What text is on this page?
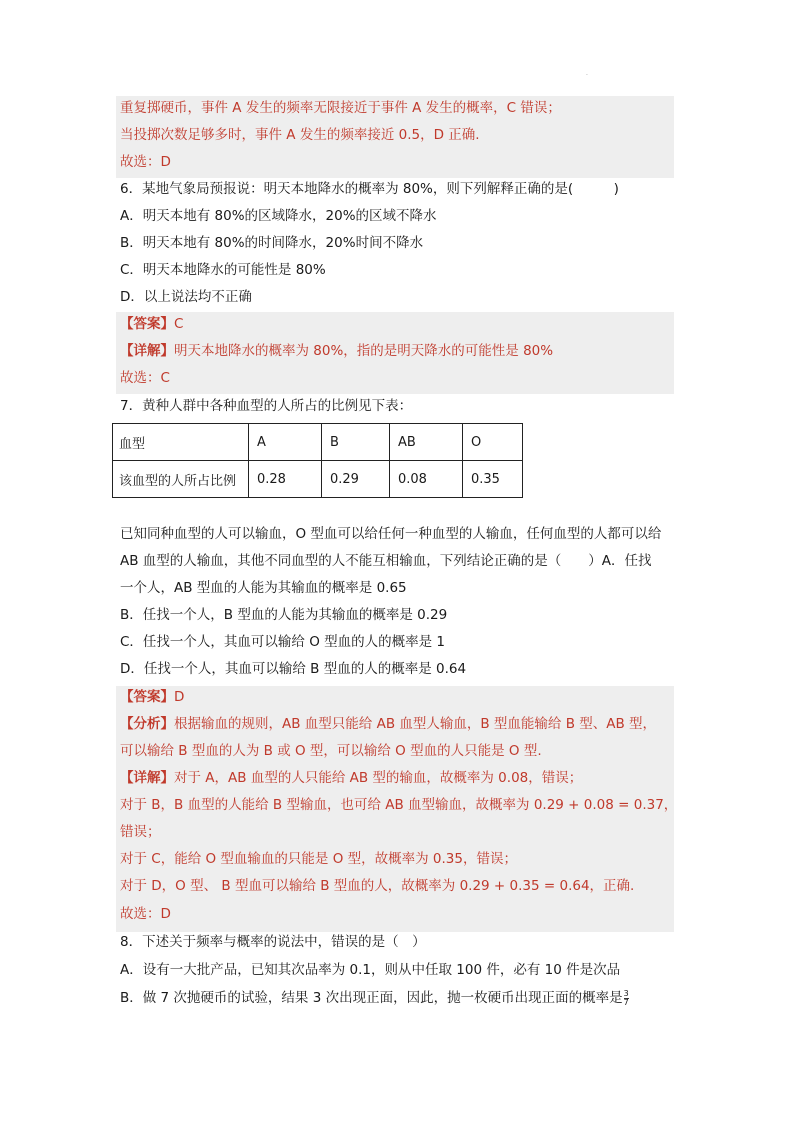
.
重复掷硬币，事件 A 发生的频率无限接近于事件 A 发生的概率，C 错误；
当投掷次数足够多时，事件 A 发生的频率接近 0.5，D 正确.
故选：D
6．某地气象局预报说：明天本地降水的概率为 80%，则下列解释正确的是(　　　)
A．明天本地有 80%的区域降水，20%的区域不降水
B．明天本地有 80%的时间降水，20%时间不降水
C．明天本地降水的可能性是 80%
D．以上说法均不正确
【答案】C
【详解】明天本地降水的概率为 80%，指的是明天降水的可能性是 80%
故选：C
7．黄种人群中各种血型的人所占的比例见下表：
血型	A	B	AB	O
该血型的人所占比例	0.28	0.29	0.08	0.35
已知同种血型的人可以输血，O 型血可以给任何一种血型的人输血，任何血型的人都可以给
AB 血型的人输血，其他不同血型的人不能互相输血，下列结论正确的是（　　）A．任找
一个人，AB 型血的人能为其输血的概率是 0.65
B．任找一个人，B 型血的人能为其输血的概率是 0.29
C．任找一个人，其血可以输给 O 型血的人的概率是 1
D．任找一个人，其血可以输给 B 型血的人的概率是 0.64
【答案】D
【分析】根据输血的规则，AB 血型只能给 AB 血型人输血，B 型血能输给 B 型、AB 型，
可以输给 B 型血的人为 B 或 O 型，可以输给 O 型血的人只能是 O 型.
【详解】对于 A，AB 血型的人只能给 AB 型的输血，故概率为 0.08，错误；
对于 B，B 血型的人能给 B 型输血，也可给 AB 血型输血，故概率为 0.29 + 0.08 = 0.37，
错误；
对于 C，能给 O 型血输血的只能是 O 型，故概率为 0.35，错误；
对于 D，O 型、 B 型血可以输给 B 型血的人，故概率为 0.29 + 0.35 = 0.64，正确.
故选：D
8．下述关于频率与概率的说法中，错误的是（　）
A．设有一大批产品，已知其次品率为 0.1，则从中任取 100 件，必有 10 件是次品
B．做 7 次抛硬币的试验，结果 3 次出现正面，因此，抛一枚硬币出现正面的概率是 $\frac{3}{7}$
